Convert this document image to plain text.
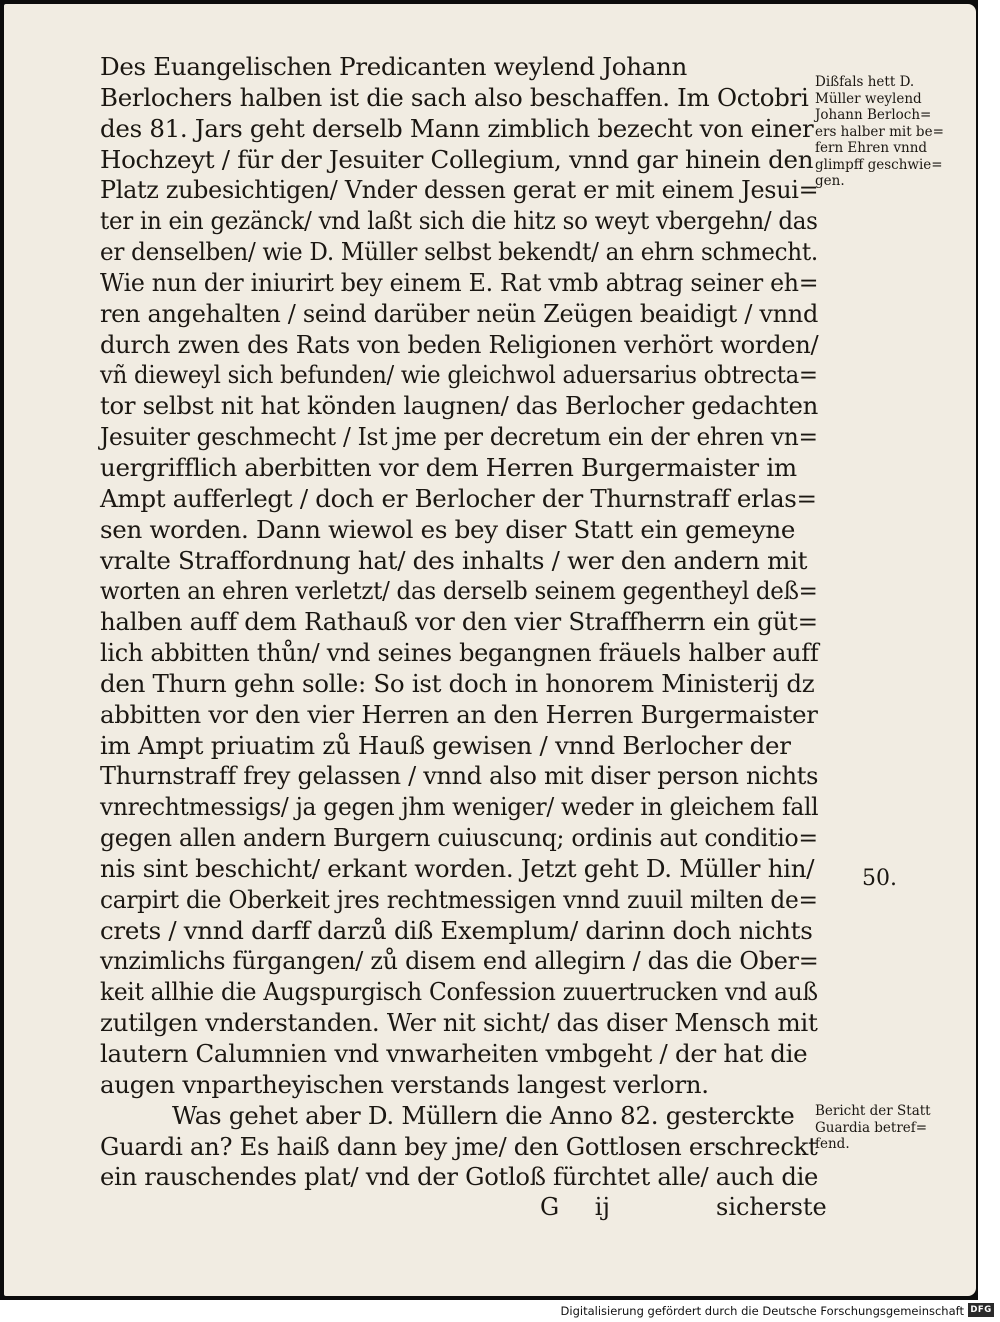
Des Euangelischen Predicanten weylend Johann
Berlochers halben ist die sach also beschaffen. Im Octobri
des 81. Jars geht derselb Mann zimblich bezecht von einer
Hochzeyt / für der Jesuiter Collegium, vnnd gar hinein den
Platz zubesichtigen/ Vnder dessen gerat er mit einem Jesui=
ter in ein gezänck/ vnd laßt sich die hitz so weyt vbergehn/ das
er denselben/ wie D. Müller selbst bekendt/ an ehrn schmecht.
Wie nun der iniurirt bey einem E. Rat vmb abtrag seiner eh=
ren angehalten / seind darüber neün Zeügen beaidigt / vnnd
durch zwen des Rats von beden Religionen verhört worden/
vñ dieweyl sich befunden/ wie gleichwol aduersarius obtrecta=
tor selbst nit hat könden laugnen/ das Berlocher gedachten
Jesuiter geschmecht / Ist jme per decretum ein der ehren vn=
uergrifflich aberbitten vor dem Herren Burgermaister im
Ampt aufferlegt / doch er Berlocher der Thurnstraff erlas=
sen worden. Dann wiewol es bey diser Statt ein gemeyne
vralte Straffordnung hat/ des inhalts / wer den andern mit
worten an ehren verletzt/ das derselb seinem gegentheyl deß=
halben auff dem Rathauß vor den vier Straffherrn ein güt=
lich abbitten thůn/ vnd seines begangnen fräuels halber auff
den Thurn gehn solle: So ist doch in honorem Ministerij dz
abbitten vor den vier Herren an den Herren Burgermaister
im Ampt priuatim zů Hauß gewisen / vnnd Berlocher der
Thurnstraff frey gelassen / vnnd also mit diser person nichts
vnrechtmessigs/ ja gegen jhm weniger/ weder in gleichem fall
gegen allen andern Burgern cuiuscunq; ordinis aut conditio=
nis sint beschicht/ erkant worden. Jetzt geht D. Müller hin/
carpirt die Oberkeit jres rechtmessigen vnnd zuuil milten de=
crets / vnnd darff darzů diß Exemplum/ darinn doch nichts
vnzimlichs fürgangen/ zů disem end allegirn / das die Ober=
keit allhie die Augspurgisch Confession zuuertrucken vnd auß
zutilgen vnderstanden. Wer nit sicht/ das diser Mensch mit
lautern Calumnien vnd vnwarheiten vmbgeht / der hat die
augen vnpartheyischen verstands langest verlorn.
Was gehet aber D. Müllern die Anno 82. gesterckte
Guardi an? Es haiß dann bey jme/ den Gottlosen erschreckt
ein rauschendes plat/ vnd der Gotloß fürchtet alle/ auch die
Dißfals hett D.
Müller weylend
Johann Berloch=
ers halber mit be=
fern Ehren vnnd
glimpff geschwie=
gen.
50.
Bericht der Statt
Guardia betref=
fend.
G ij	sicherste
Digitalisierung gefördert durch die Deutsche Forschungsgemeinschaft DFG
